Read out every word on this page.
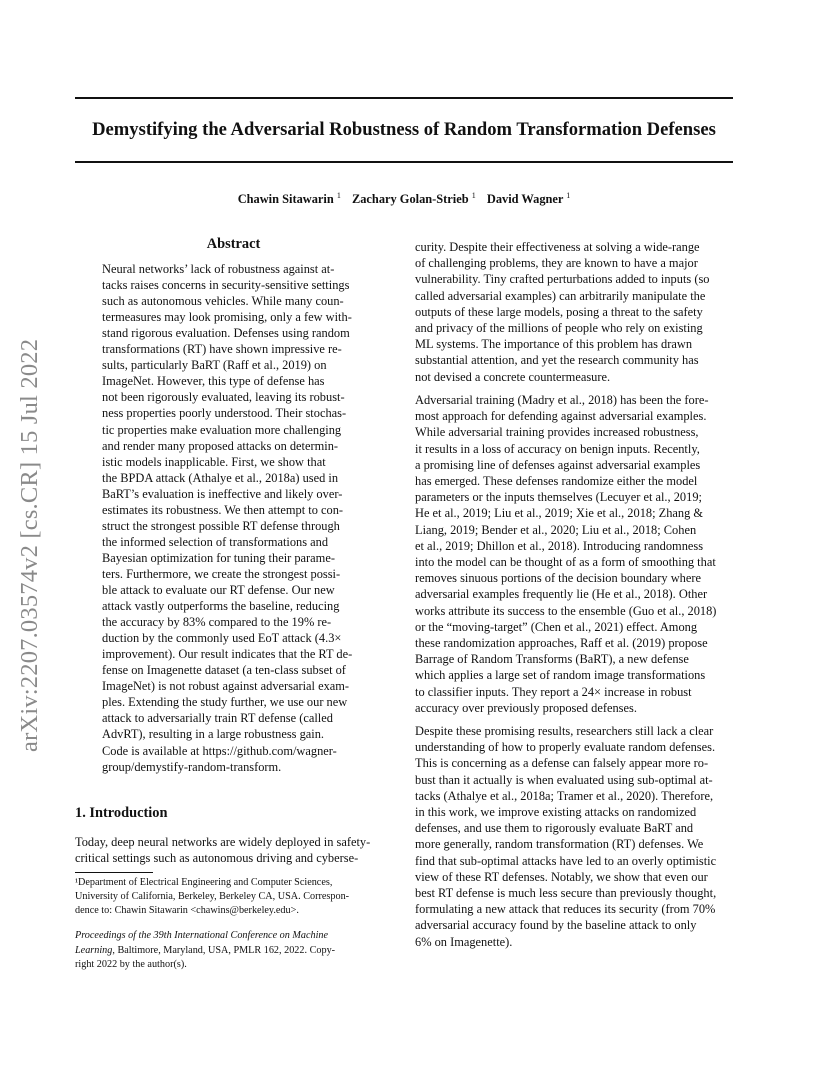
Demystifying the Adversarial Robustness of Random Transformation Defenses
Chawin Sitawarin $^1$ Zachary Golan-Strieb $^1$ David Wagner $^1$
arXiv:2207.03574v2 [cs.CR] 15 Jul 2022
Abstract
Neural networks’ lack of robustness against at-
tacks raises concerns in security-sensitive settings
such as autonomous vehicles. While many coun-
termeasures may look promising, only a few with-
stand rigorous evaluation. Defenses using random
transformations (RT) have shown impressive re-
sults, particularly BaRT (Raff et al., 2019) on
ImageNet. However, this type of defense has
not been rigorously evaluated, leaving its robust-
ness properties poorly understood. Their stochas-
tic properties make evaluation more challenging
and render many proposed attacks on determin-
istic models inapplicable. First, we show that
the BPDA attack (Athalye et al., 2018a) used in
BaRT’s evaluation is ineffective and likely over-
estimates its robustness. We then attempt to con-
struct the strongest possible RT defense through
the informed selection of transformations and
Bayesian optimization for tuning their parame-
ters. Furthermore, we create the strongest possi-
ble attack to evaluate our RT defense. Our new
attack vastly outperforms the baseline, reducing
the accuracy by 83% compared to the 19% re-
duction by the commonly used EoT attack (4.3×
improvement). Our result indicates that the RT de-
fense on Imagenette dataset (a ten-class subset of
ImageNet) is not robust against adversarial exam-
ples. Extending the study further, we use our new
attack to adversarially train RT defense (called
AdvRT), resulting in a large robustness gain.
Code is available at https://github.com/wagner-
group/demystify-random-transform.
1. Introduction
Today, deep neural networks are widely deployed in safety-
critical settings such as autonomous driving and cyberse-
¹Department of Electrical Engineering and Computer Sciences,
University of California, Berkeley, Berkeley CA, USA. Correspon-
dence to: Chawin Sitawarin <chawins@berkeley.edu>.
Proceedings of the 39th International Conference on Machine
Learning, Baltimore, Maryland, USA, PMLR 162, 2022. Copy-
right 2022 by the author(s).
curity. Despite their effectiveness at solving a wide-range
of challenging problems, they are known to have a major
vulnerability. Tiny crafted perturbations added to inputs (so
called adversarial examples) can arbitrarily manipulate the
outputs of these large models, posing a threat to the safety
and privacy of the millions of people who rely on existing
ML systems. The importance of this problem has drawn
substantial attention, and yet the research community has
not devised a concrete countermeasure.
Adversarial training (Madry et al., 2018) has been the fore-
most approach for defending against adversarial examples.
While adversarial training provides increased robustness,
it results in a loss of accuracy on benign inputs. Recently,
a promising line of defenses against adversarial examples
has emerged. These defenses randomize either the model
parameters or the inputs themselves (Lecuyer et al., 2019;
He et al., 2019; Liu et al., 2019; Xie et al., 2018; Zhang &
Liang, 2019; Bender et al., 2020; Liu et al., 2018; Cohen
et al., 2019; Dhillon et al., 2018). Introducing randomness
into the model can be thought of as a form of smoothing that
removes sinuous portions of the decision boundary where
adversarial examples frequently lie (He et al., 2018). Other
works attribute its success to the ensemble (Guo et al., 2018)
or the “moving-target” (Chen et al., 2021) effect. Among
these randomization approaches, Raff et al. (2019) propose
Barrage of Random Transforms (BaRT), a new defense
which applies a large set of random image transformations
to classifier inputs. They report a 24× increase in robust
accuracy over previously proposed defenses.
Despite these promising results, researchers still lack a clear
understanding of how to properly evaluate random defenses.
This is concerning as a defense can falsely appear more ro-
bust than it actually is when evaluated using sub-optimal at-
tacks (Athalye et al., 2018a; Tramer et al., 2020). Therefore,
in this work, we improve existing attacks on randomized
defenses, and use them to rigorously evaluate BaRT and
more generally, random transformation (RT) defenses. We
find that sub-optimal attacks have led to an overly optimistic
view of these RT defenses. Notably, we show that even our
best RT defense is much less secure than previously thought,
formulating a new attack that reduces its security (from 70%
adversarial accuracy found by the baseline attack to only
6% on Imagenette).
